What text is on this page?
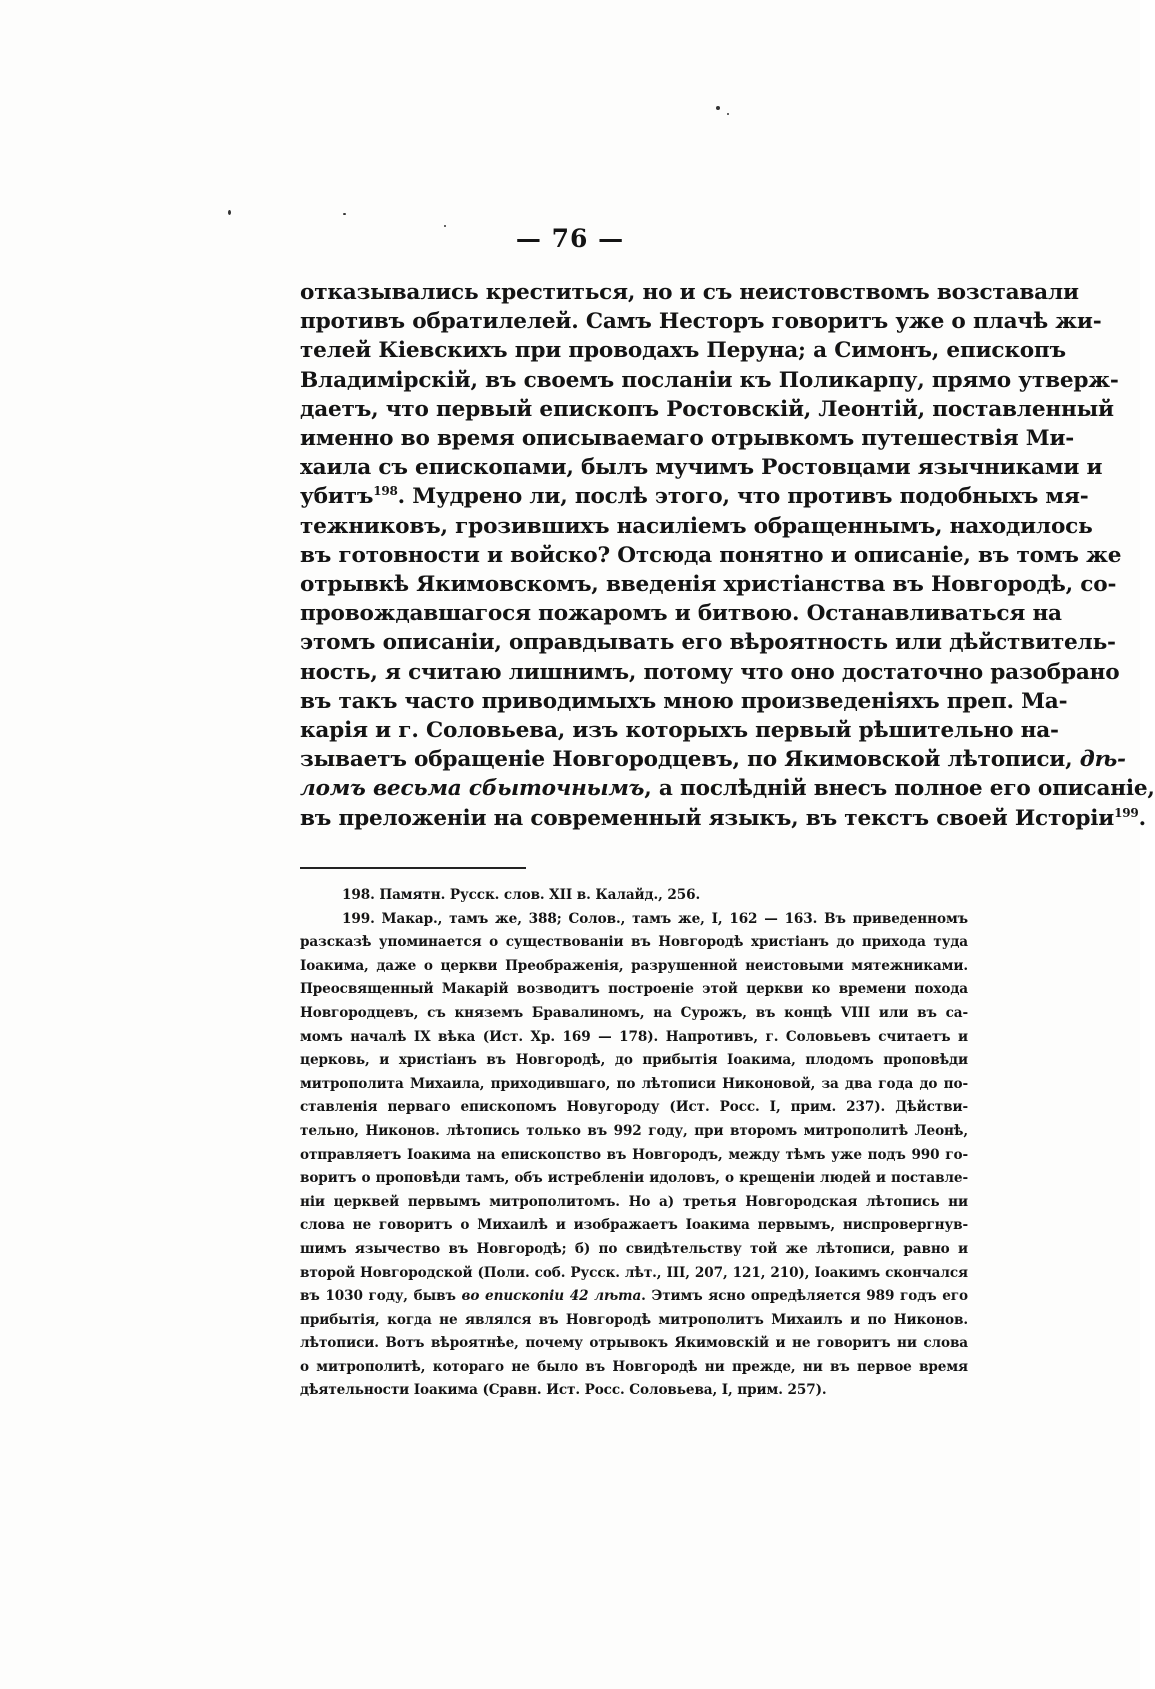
— 76 —
отказывались креститься, но и съ неистовствомъ возставали
противъ обратилелей. Самъ Несторъ говоритъ уже о плачѣ жи-
телей Кіевскихъ при проводахъ Перуна; а Симонъ, епископъ
Владимірскій, въ своемъ посланіи къ Поликарпу, прямо утверж-
даетъ, что первый епископъ Ростовскій, Леонтій, поставленный
именно во время описываемаго отрывкомъ путешествія Ми-
хаила съ епископами, былъ мучимъ Ростовцами язычниками и
убитъ$^{198}$. Мудрено ли, послѣ этого, что противъ подобныхъ мя-
тежниковъ, грозившихъ насиліемъ обращеннымъ, находилось
въ готовности и войско? Отсюда понятно и описаніе, въ томъ же
отрывкѣ Якимовскомъ, введенія христіанства въ Новгородѣ, со-
провождавшагося пожаромъ и битвою. Останавливаться на
этомъ описаніи, оправдывать его вѣроятность или дѣйствитель-
ность, я считаю лишнимъ, потому что оно достаточно разобрано
въ такъ часто приводимыхъ мною произведеніяхъ преп. Ма-
карія и г. Соловьева, изъ которыхъ первый рѣшительно на-
зываетъ обращеніе Новгородцевъ, по Якимовской лѣтописи, дѣ-
ломъ весьма сбыточнымъ, а послѣднiй внесъ полное его описаніе,
въ преложеніи на современный языкъ, въ текстъ своей Исторіи$^{199}$.
198. Памятн. Русск. слов. XII в. Калайд., 256.
199. Макар., тамъ же, 388; Солов., тамъ же, I, 162 — 163. Въ приведенномъ
разсказѣ упоминается о существованіи въ Новгородѣ христіанъ до прихода туда
Іоакима, даже о церкви Преображенія, разрушенной неистовыми мятежниками.
Преосвященный Макарій возводитъ построеніе этой церкви ко времени похода
Новгородцевъ, съ княземъ Бравалиномъ, на Сурожъ, въ концѣ VIII или въ са-
момъ началѣ IX вѣка (Ист. Хр. 169 — 178). Напротивъ, г. Соловьевъ считаетъ и
церковь, и христіанъ въ Новгородѣ, до прибытія Іоакима, плодомъ проповѣди
митрополита Михаила, приходившаго, по лѣтописи Никоновой, за два года до по-
ставленія перваго епископомъ Новугороду (Ист. Росс. I, прим. 237). Дѣйстви-
тельно, Никонов. лѣтопись только въ 992 году, при второмъ митрополитѣ Леонѣ,
отправляетъ Іоакима на епископство въ Новгородъ, между тѣмъ уже подъ 990 го-
воритъ о проповѣди тамъ, объ истребленіи идоловъ, о крещеніи людей и поставле-
ніи церквей первымъ митрополитомъ. Но а) третья Новгородская лѣтопись ни
слова не говоритъ о Михаилѣ и изображаетъ Іоакима первымъ, ниспровергнув-
шимъ язычество въ Новгородѣ; б) по свидѣтельству той же лѣтописи, равно и
второй Новгородской (Поли. соб. Русск. лѣт., III, 207, 121, 210), Іоакимъ скончался
въ 1030 году, бывъ во епископіи 42 лѣта. Этимъ ясно опредѣляется 989 годъ его
прибытія, когда не являлся въ Новгородѣ митрополитъ Михаилъ и по Никонов.
лѣтописи. Вотъ вѣроятнѣе, почему отрывокъ Якимовскій и не говоритъ ни слова
о митрополитѣ, котораго не было въ Новгородѣ ни прежде, ни въ первое время
дѣятельности Іоакима (Сравн. Ист. Росс. Соловьева, I, прим. 257).
